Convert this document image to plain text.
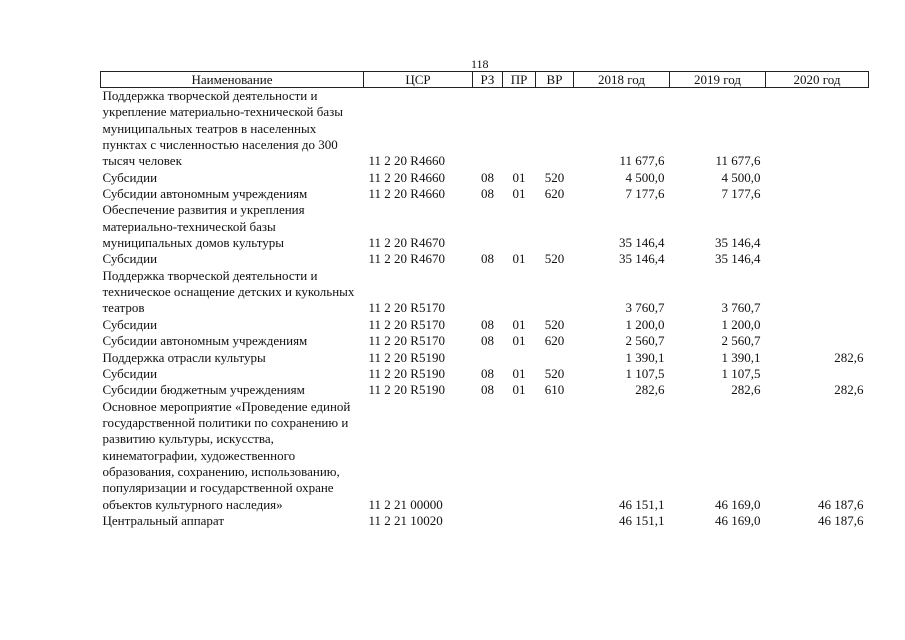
118
Наименование	ЦСР	РЗ	ПР	ВР	2018 год	2019 год	2020 год
Поддержка творческой деятельности и укрепление материально-технической базы муниципальных театров в населенных пунктах с численностью населения до 300 тысяч человек	11 2 20 R4660				11 677,6	11 677,6	
Субсидии	11 2 20 R4660	08	01	520	4 500,0	4 500,0	
Субсидии автономным учреждениям	11 2 20 R4660	08	01	620	7 177,6	7 177,6	
Обеспечение развития и укрепления материально-технической базы муниципальных домов культуры	11 2 20 R4670				35 146,4	35 146,4	
Субсидии	11 2 20 R4670	08	01	520	35 146,4	35 146,4	
Поддержка творческой деятельности и техническое оснащение детских и кукольных театров	11 2 20 R5170				3 760,7	3 760,7	
Субсидии	11 2 20 R5170	08	01	520	1 200,0	1 200,0	
Субсидии автономным учреждениям	11 2 20 R5170	08	01	620	2 560,7	2 560,7	
Поддержка отрасли культуры	11 2 20 R5190				1 390,1	1 390,1	282,6
Субсидии	11 2 20 R5190	08	01	520	1 107,5	1 107,5	
Субсидии бюджетным учреждениям	11 2 20 R5190	08	01	610	282,6	282,6	282,6
Основное мероприятие «Проведение единой государственной политики по сохранению и развитию культуры, искусства, кинематографии, художественного образования, сохранению, использованию, популяризации и государственной охране объектов культурного наследия»	11 2 21 00000				46 151,1	46 169,0	46 187,6
Центральный аппарат	11 2 21 10020				46 151,1	46 169,0	46 187,6
